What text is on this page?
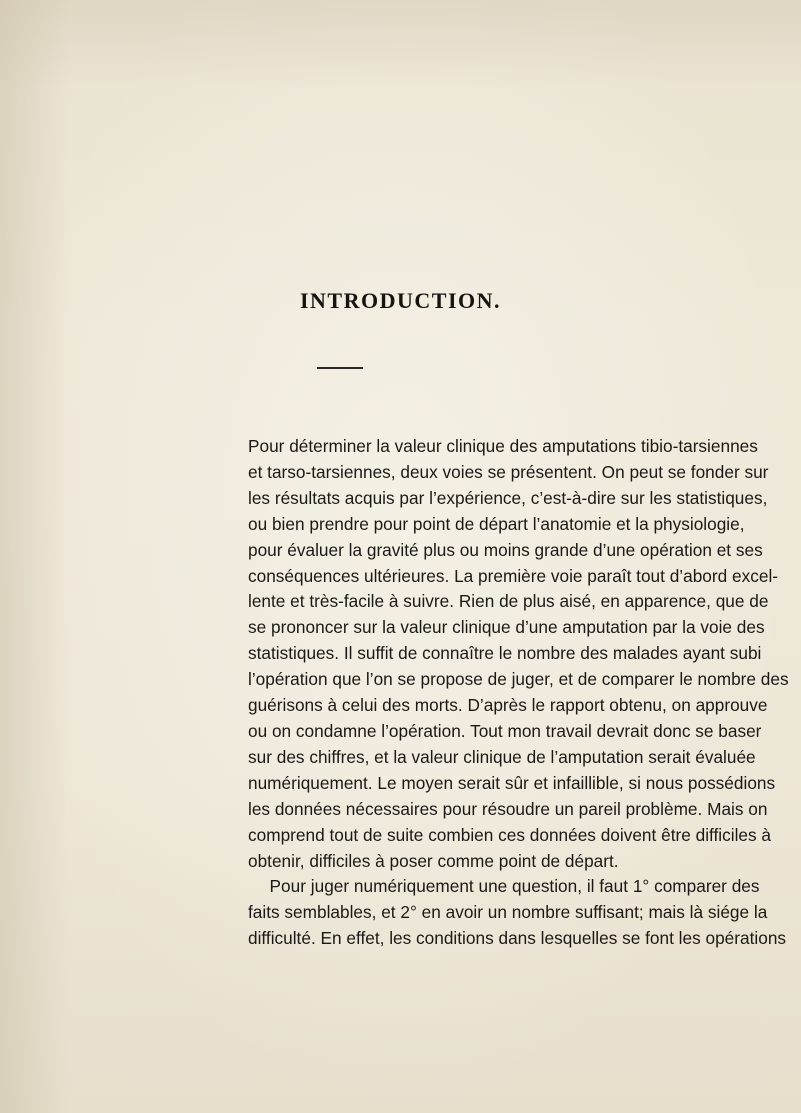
INTRODUCTION.
Pour déterminer la valeur clinique des amputations tibio-tarsiennes
et tarso-tarsiennes, deux voies se présentent. On peut se fonder sur
les résultats acquis par l’expérience, c’est-à-dire sur les statistiques,
ou bien prendre pour point de départ l’anatomie et la physiologie,
pour évaluer la gravité plus ou moins grande d’une opération et ses
conséquences ultérieures. La première voie paraît tout d’abord excel-
lente et très-facile à suivre. Rien de plus aisé, en apparence, que de
se prononcer sur la valeur clinique d’une amputation par la voie des
statistiques. Il suffit de connaître le nombre des malades ayant subi
l’opération que l’on se propose de juger, et de comparer le nombre des
guérisons à celui des morts. D’après le rapport obtenu, on approuve
ou on condamne l’opération. Tout mon travail devrait donc se baser
sur des chiffres, et la valeur clinique de l’amputation serait évaluée
numériquement. Le moyen serait sûr et infaillible, si nous possédions
les données nécessaires pour résoudre un pareil problème. Mais on
comprend tout de suite combien ces données doivent être difficiles à
obtenir, difficiles à poser comme point de départ.
Pour juger numériquement une question, il faut 1° comparer des
faits semblables, et 2° en avoir un nombre suffisant; mais là siége la
difficulté. En effet, les conditions dans lesquelles se font les opérations
